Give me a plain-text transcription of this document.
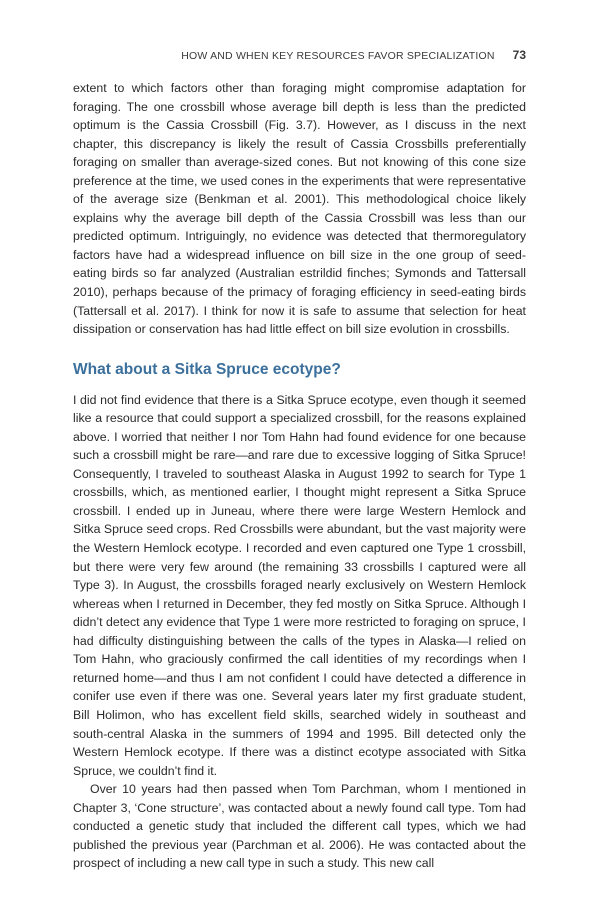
HOW AND WHEN KEY RESOURCES FAVOR SPECIALIZATION 73

extent to which factors other than foraging might compromise adaptation for foraging. The one crossbill whose average bill depth is less than the predicted optimum is the Cassia Crossbill (Fig. 3.7). However, as I discuss in the next chapter, this discrepancy is likely the result of Cassia Crossbills preferentially foraging on smaller than average-sized cones. But not knowing of this cone size preference at the time, we used cones in the experiments that were representative of the average size (Benkman et al. 2001). This methodological choice likely explains why the average bill depth of the Cassia Crossbill was less than our predicted optimum. Intriguingly, no evidence was detected that thermoregulatory factors have had a widespread influence on bill size in the one group of seed-eating birds so far analyzed (Australian estrildid finches; Symonds and Tattersall 2010), perhaps because of the primacy of foraging efficiency in seed-eating birds (Tattersall et al. 2017). I think for now it is safe to assume that selection for heat dissipation or conservation has had little effect on bill size evolution in crossbills.

What about a Sitka Spruce ecotype?

I did not find evidence that there is a Sitka Spruce ecotype, even though it seemed like a resource that could support a specialized crossbill, for the reasons explained above. I worried that neither I nor Tom Hahn had found evidence for one because such a crossbill might be rare—and rare due to excessive logging of Sitka Spruce! Consequently, I traveled to southeast Alaska in August 1992 to search for Type 1 crossbills, which, as mentioned earlier, I thought might represent a Sitka Spruce crossbill. I ended up in Juneau, where there were large Western Hemlock and Sitka Spruce seed crops. Red Crossbills were abundant, but the vast majority were the Western Hemlock ecotype. I recorded and even captured one Type 1 crossbill, but there were very few around (the remaining 33 crossbills I captured were all Type 3). In August, the crossbills foraged nearly exclusively on Western Hemlock whereas when I returned in December, they fed mostly on Sitka Spruce. Although I didn’t detect any evidence that Type 1 were more restricted to foraging on spruce, I had difficulty distinguishing between the calls of the types in Alaska—I relied on Tom Hahn, who graciously confirmed the call identities of my recordings when I returned home—and thus I am not confident I could have detected a difference in conifer use even if there was one. Several years later my first graduate student, Bill Holimon, who has excellent field skills, searched widely in southeast and south-central Alaska in the summers of 1994 and 1995. Bill detected only the Western Hemlock ecotype. If there was a distinct ecotype associated with Sitka Spruce, we couldn’t find it.

Over 10 years had then passed when Tom Parchman, whom I mentioned in Chapter 3, ‘Cone structure’, was contacted about a newly found call type. Tom had conducted a genetic study that included the different call types, which we had published the previous year (Parchman et al. 2006). He was contacted about the prospect of including a new call type in such a study. This new call
